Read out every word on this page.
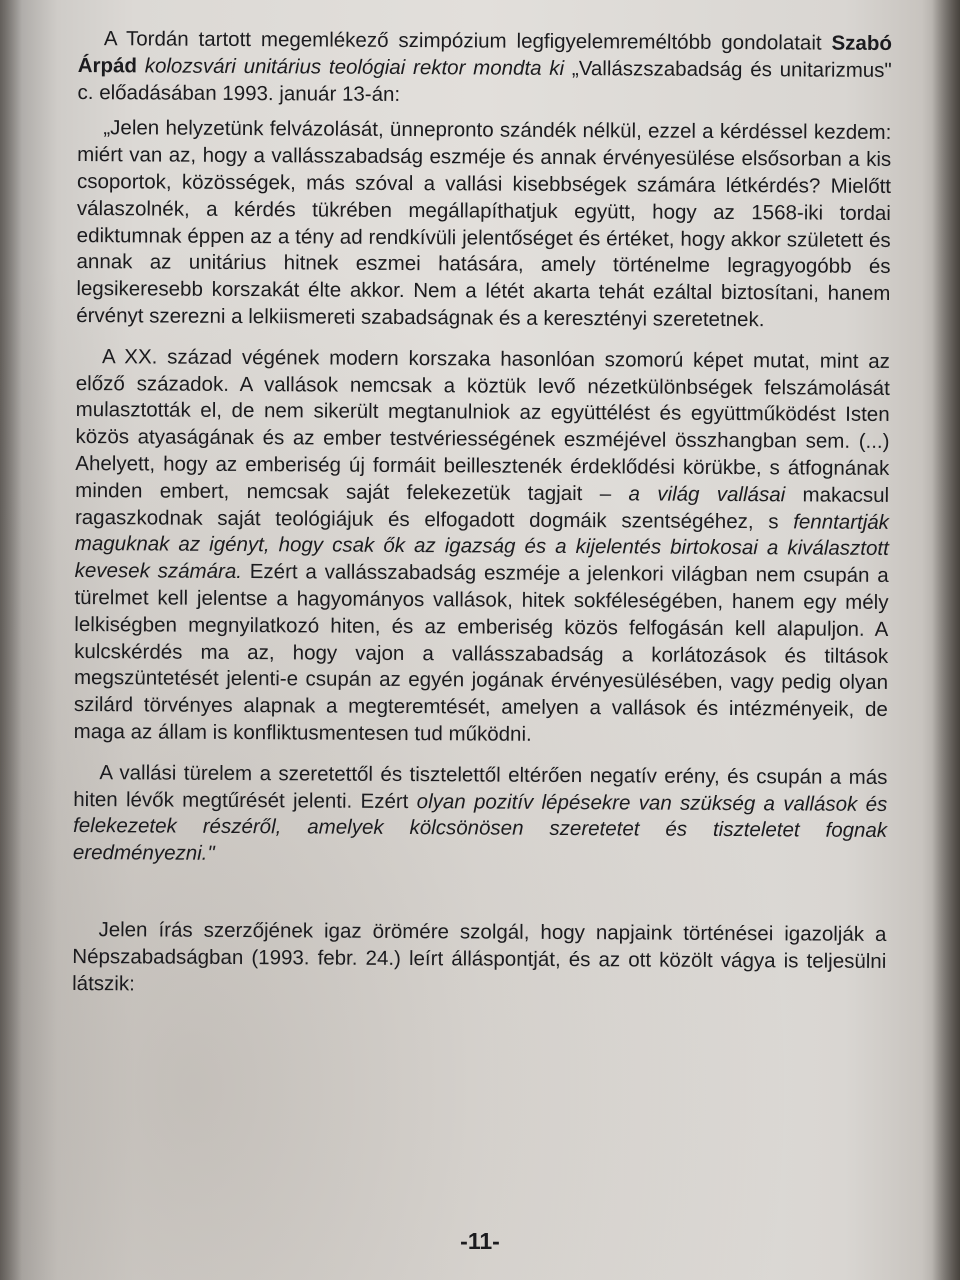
A Tordán tartott megemlékező szimpózium legfigyelemreméltóbb gondolatait Szabó Árpád kolozsvári unitárius teológiai rektor mondta ki „Vallászszabadság és unitarizmus" c. előadásában 1993. január 13-án:

„Jelen helyzetünk felvázolását, ünnepronto szándék nélkül, ezzel a kérdéssel kezdem: miért van az, hogy a vallásszabadság eszméje és annak érvényesülése elsősorban a kis csoportok, közösségek, más szóval a vallási kisebbségek számára létkérdés? Mielőtt válaszolnék, a kérdés tükrében megállapíthatjuk együtt, hogy az 1568-iki tordai ediktumnak éppen az a tény ad rendkívüli jelentőséget és értéket, hogy akkor született és annak az unitárius hitnek eszmei hatására, amely történelme legragyogóbb és legsikeresebb korszakát élte akkor. Nem a létét akarta tehát ezáltal biztosítani, hanem érvényt szerezni a lelkiismereti szabadságnak és a keresztényi szeretetnek.

A XX. század végének modern korszaka hasonlóan szomorú képet mutat, mint az előző századok. A vallások nemcsak a köztük levő nézetkülönbségek felszámolását mulasztották el, de nem sikerült megtanulniok az együttélést és együttműködést Isten közös atyaságának és az ember testvériességének eszméjével összhangban sem. (...) Ahelyett, hogy az emberiség új formáit beillesztenék érdeklődési körükbe, s átfognának minden embert, nemcsak saját felekezetük tagjait – a világ vallásai makacsul ragaszkodnak saját teológiájuk és elfogadott dogmáik szentségéhez, s fenntartják maguknak az igényt, hogy csak ők az igazság és a kijelentés birtokosai a kiválasztott kevesek számára. Ezért a vallásszabadság eszméje a jelenkori világban nem csupán a türelmet kell jelentse a hagyományos vallások, hitek sokféleségében, hanem egy mély lelkiségben megnyilatkozó hiten, és az emberiség közös felfogásán kell alapuljon. A kulcskérdés ma az, hogy vajon a vallásszabadság a korlátozások és tiltások megszüntetését jelenti-e csupán az egyén jogának érvényesülésében, vagy pedig olyan szilárd törvényes alapnak a megteremtését, amelyen a vallások és intézményeik, de maga az állam is konfliktusmentesen tud működni.

A vallási türelem a szeretettől és tisztelettől eltérően negatív erény, és csupán a más hiten lévők megtűrését jelenti. Ezért olyan pozitív lépésekre van szükség a vallások és felekezetek részéről, amelyek kölcsönösen szeretetet és tiszteletet fognak eredményezni."

Jelen írás szerzőjének igaz örömére szolgál, hogy napjaink történései igazolják a Népszabadságban (1993. febr. 24.) leírt álláspontját, és az ott közölt vágya is teljesülni látszik:

-11-
